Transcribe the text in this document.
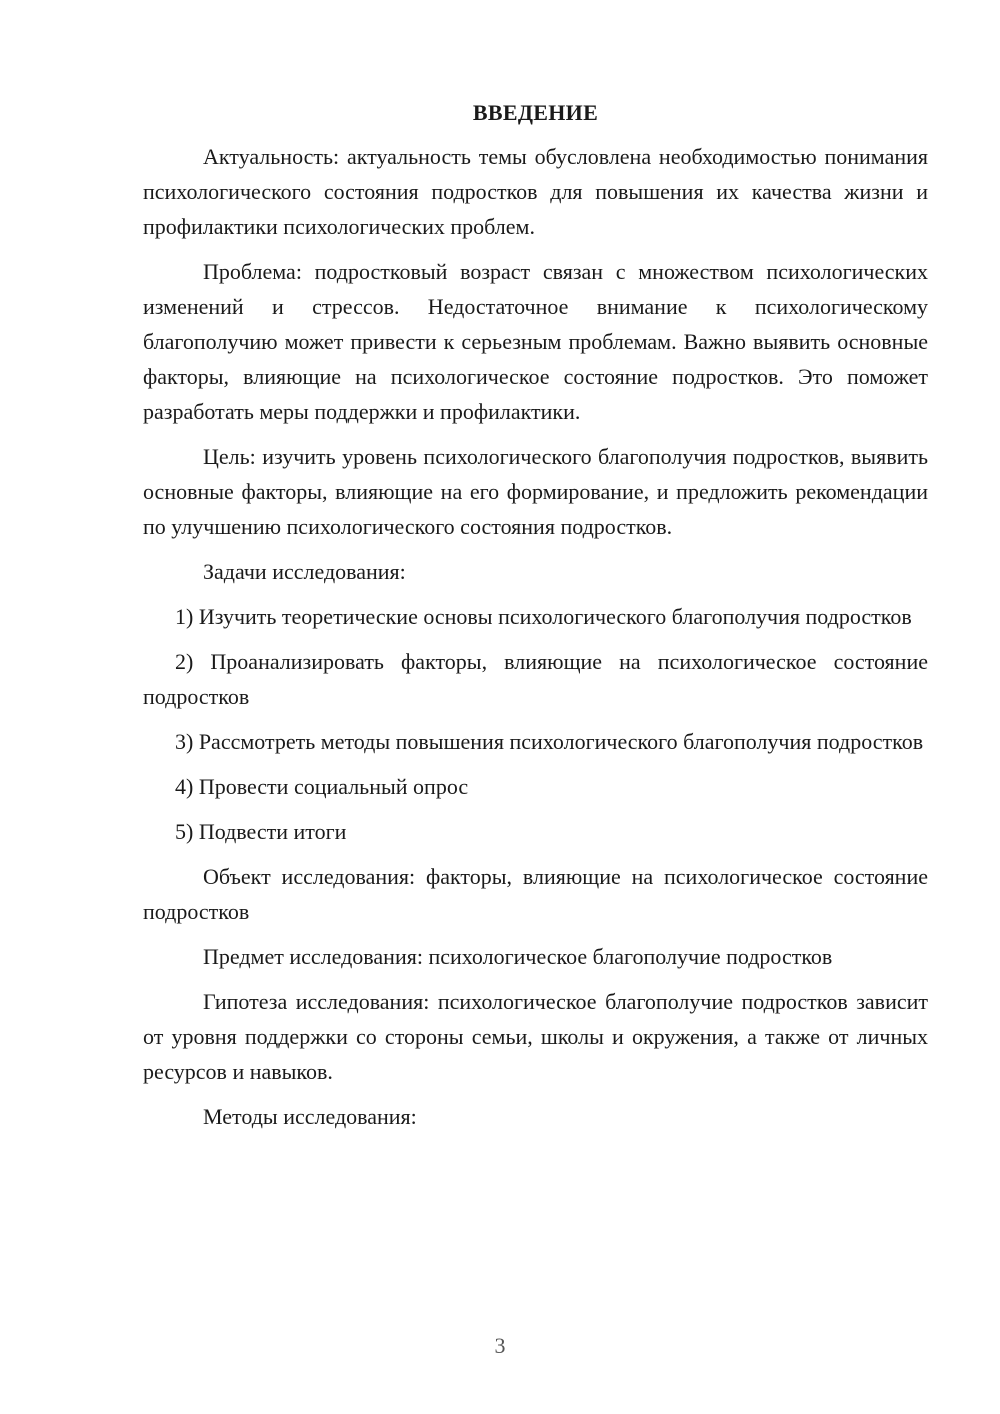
ВВЕДЕНИЕ

Актуальность: актуальность темы обусловлена необходимостью понимания психологического состояния подростков для повышения их качества жизни и профилактики психологических проблем.

Проблема: подростковый возраст связан с множеством психологических изменений и стрессов. Недостаточное внимание к психологическому благополучию может привести к серьезным проблемам. Важно выявить основные факторы, влияющие на психологическое состояние подростков. Это поможет разработать меры поддержки и профилактики.

Цель: изучить уровень психологического благополучия подростков, выявить основные факторы, влияющие на его формирование, и предложить рекомендации по улучшению психологического состояния подростков.

Задачи исследования:

1) Изучить теоретические основы психологического благополучия подростков

2) Проанализировать факторы, влияющие на психологическое состояние подростков

3) Рассмотреть методы повышения психологического благополучия подростков

4) Провести социальный опрос

5) Подвести итоги

Объект исследования: факторы, влияющие на психологическое состояние подростков

Предмет исследования: психологическое благополучие подростков

Гипотеза исследования: психологическое благополучие подростков зависит от уровня поддержки со стороны семьи, школы и окружения, а также от личных ресурсов и навыков.

Методы исследования:

3
